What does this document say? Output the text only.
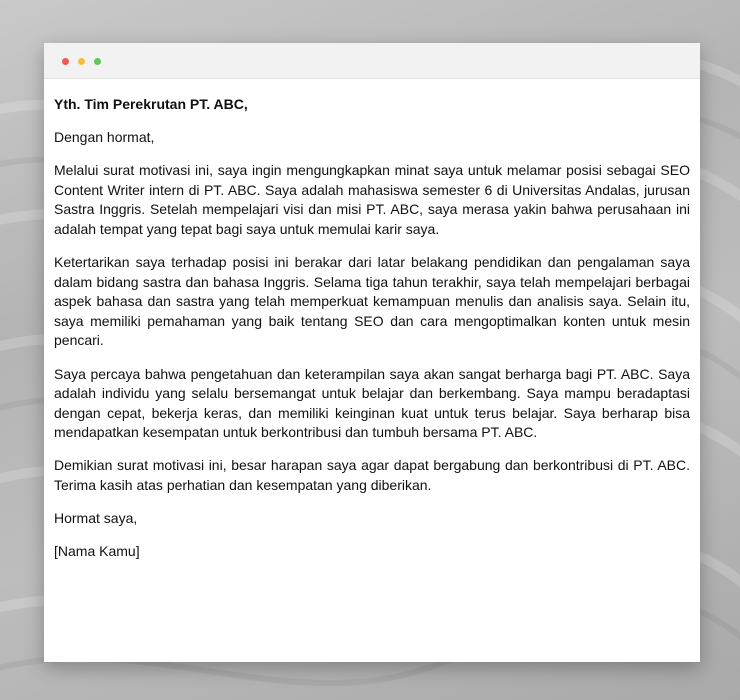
Yth. Tim Perekrutan PT. ABC,

Dengan hormat,

Melalui surat motivasi ini, saya ingin mengungkapkan minat saya untuk melamar posisi sebagai SEO Content Writer intern di PT. ABC. Saya adalah mahasiswa semester 6 di Universitas Andalas, jurusan Sastra Inggris. Setelah mempelajari visi dan misi PT. ABC, saya merasa yakin bahwa perusahaan ini adalah tempat yang tepat bagi saya untuk memulai karir saya.

Ketertarikan saya terhadap posisi ini berakar dari latar belakang pendidikan dan pengalaman saya dalam bidang sastra dan bahasa Inggris. Selama tiga tahun terakhir, saya telah mempelajari berbagai aspek bahasa dan sastra yang telah memperkuat kemampuan menulis dan analisis saya. Selain itu, saya memiliki pemahaman yang baik tentang SEO dan cara mengoptimalkan konten untuk mesin pencari.

Saya percaya bahwa pengetahuan dan keterampilan saya akan sangat berharga bagi PT. ABC. Saya adalah individu yang selalu bersemangat untuk belajar dan berkembang. Saya mampu beradaptasi dengan cepat, bekerja keras, dan memiliki keinginan kuat untuk terus belajar. Saya berharap bisa mendapatkan kesempatan untuk berkontribusi dan tumbuh bersama PT. ABC.

Demikian surat motivasi ini, besar harapan saya agar dapat bergabung dan berkontribusi di PT. ABC. Terima kasih atas perhatian dan kesempatan yang diberikan.

Hormat saya,

[Nama Kamu]
